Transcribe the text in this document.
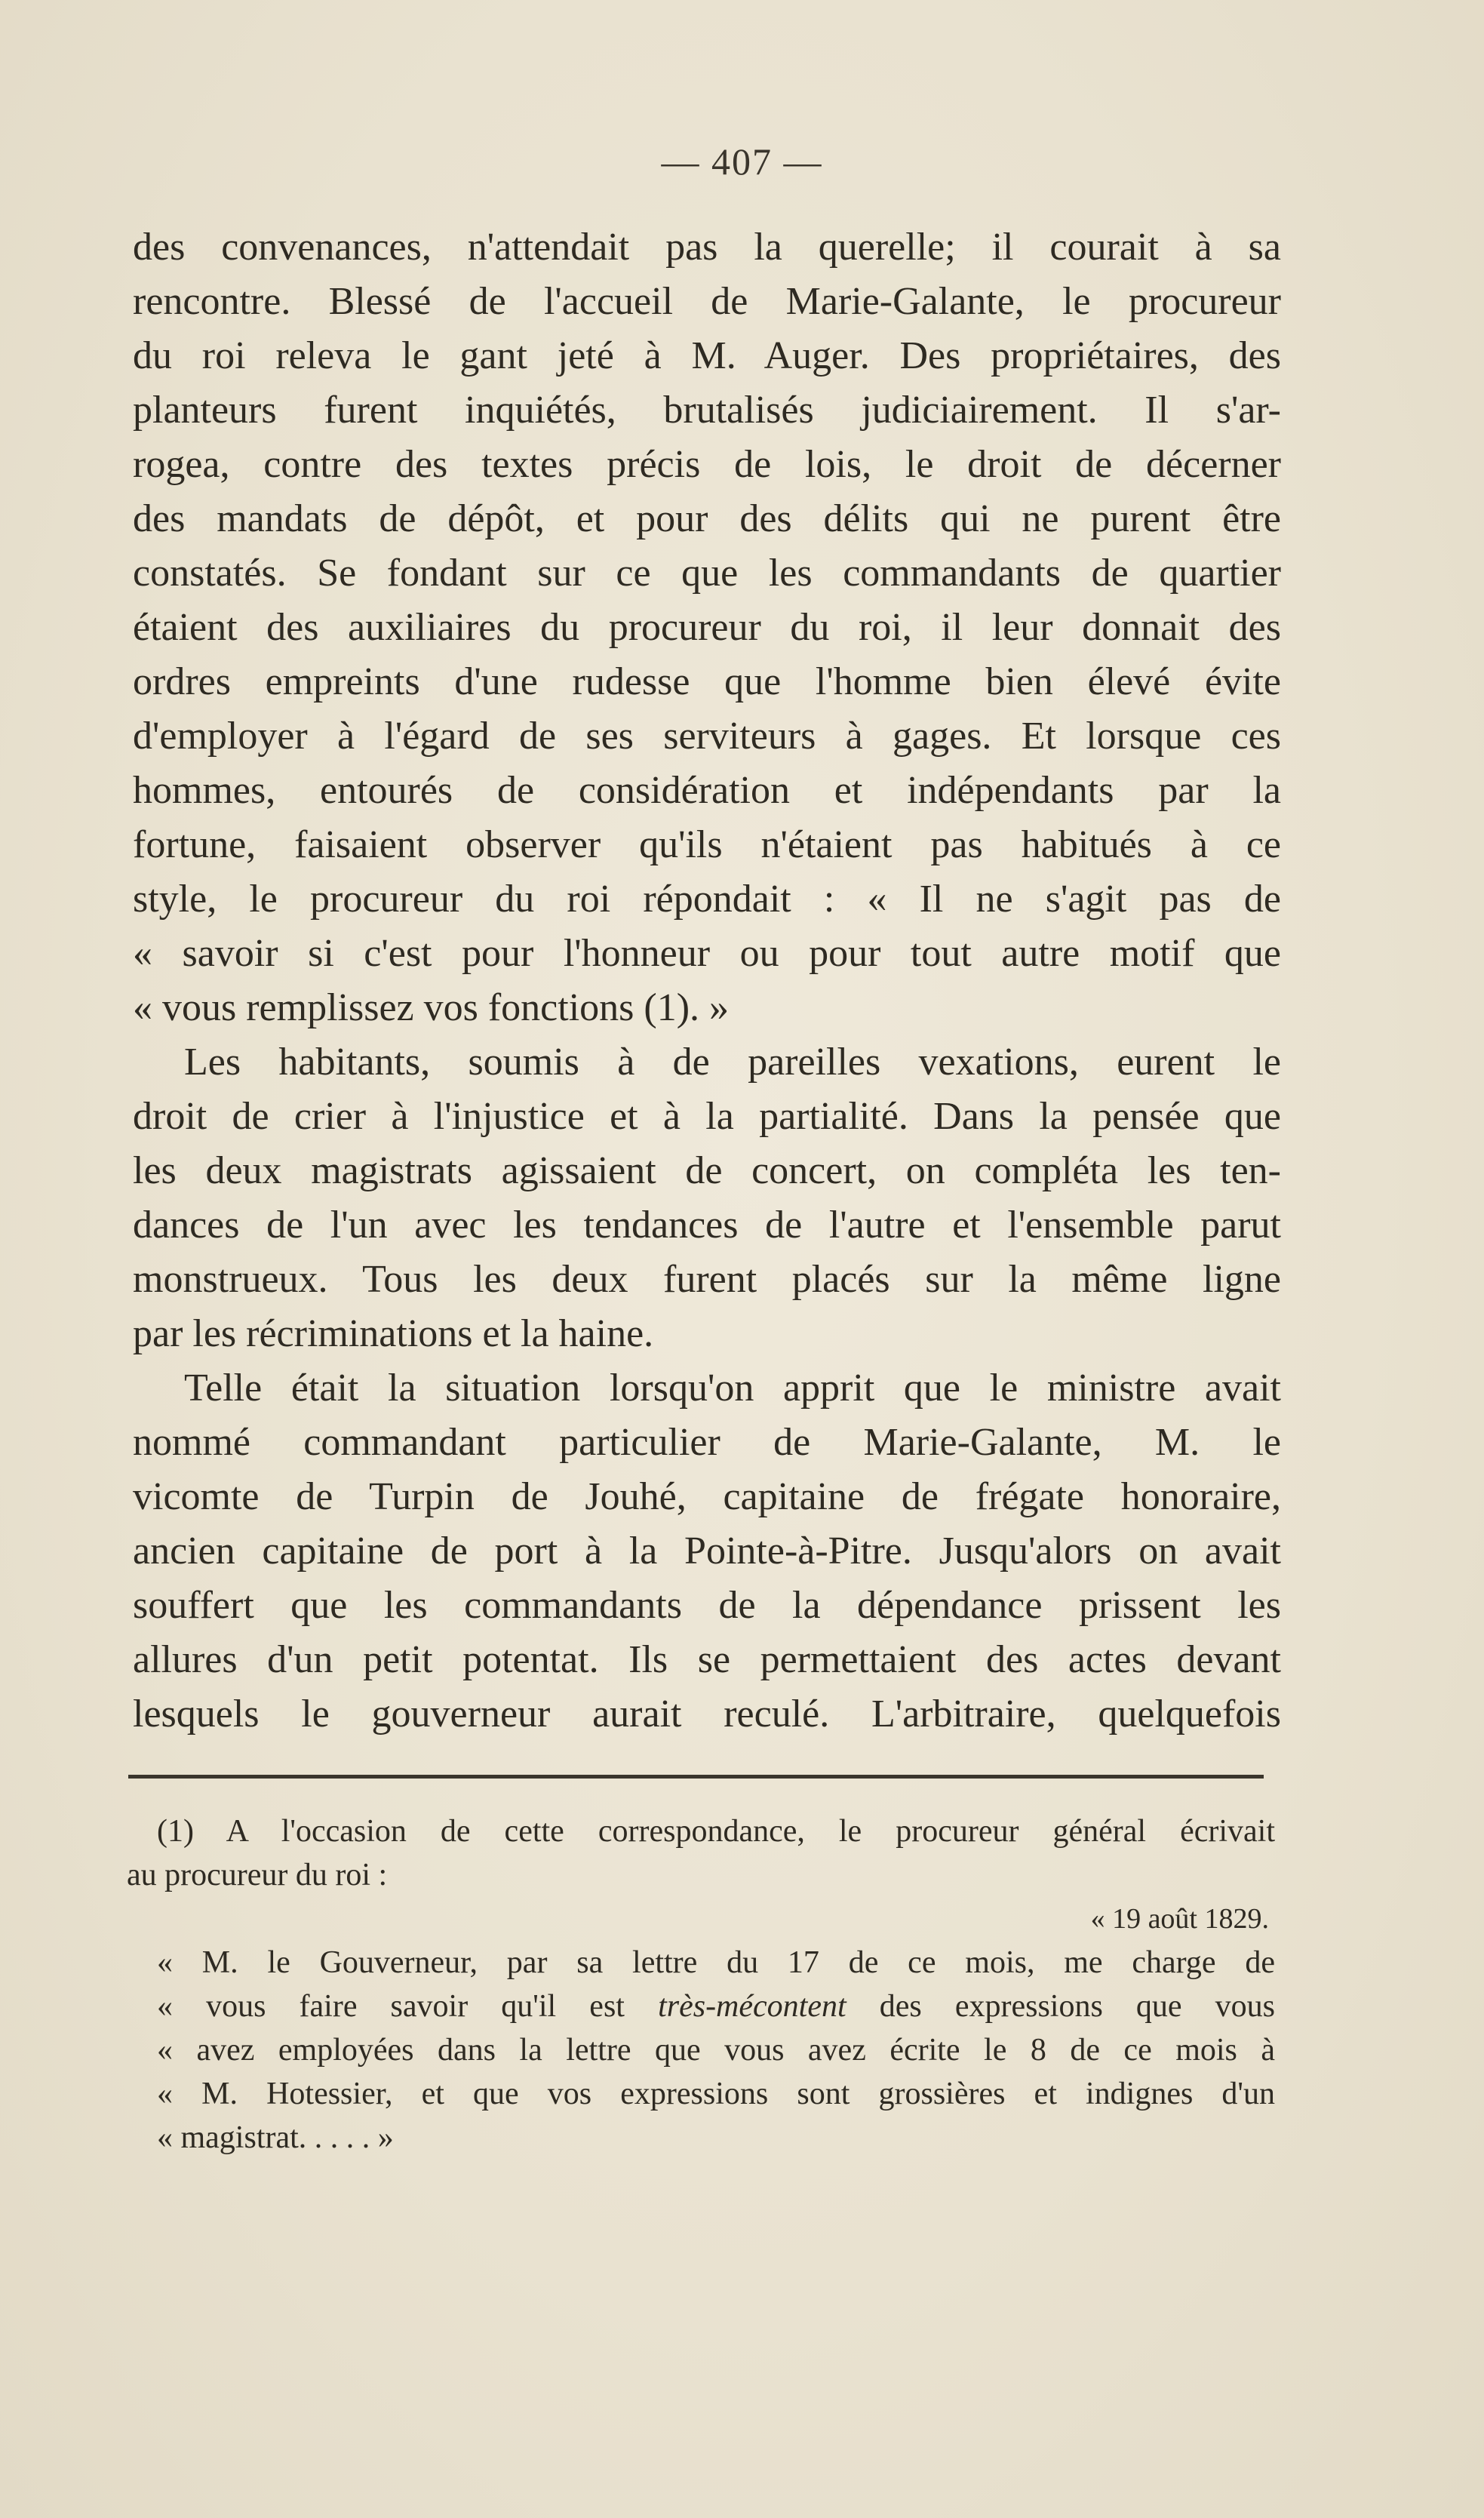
— 407 —
des convenances, n'attendait pas la querelle; il courait à sa
rencontre. Blessé de l'accueil de Marie-Galante, le procureur
du roi releva le gant jeté à M. Auger. Des propriétaires, des
planteurs furent inquiétés, brutalisés judiciairement. Il s'ar-
rogea, contre des textes précis de lois, le droit de décerner
des mandats de dépôt, et pour des délits qui ne purent être
constatés. Se fondant sur ce que les commandants de quartier
étaient des auxiliaires du procureur du roi, il leur donnait des
ordres empreints d'une rudesse que l'homme bien élevé évite
d'employer à l'égard de ses serviteurs à gages. Et lorsque ces
hommes, entourés de considération et indépendants par la
fortune, faisaient observer qu'ils n'étaient pas habitués à ce
style, le procureur du roi répondait : « Il ne s'agit pas de
« savoir si c'est pour l'honneur ou pour tout autre motif que
« vous remplissez vos fonctions (1). »
Les habitants, soumis à de pareilles vexations, eurent le
droit de crier à l'injustice et à la partialité. Dans la pensée que
les deux magistrats agissaient de concert, on compléta les ten-
dances de l'un avec les tendances de l'autre et l'ensemble parut
monstrueux. Tous les deux furent placés sur la même ligne
par les récriminations et la haine.
Telle était la situation lorsqu'on apprit que le ministre avait
nommé commandant particulier de Marie-Galante, M. le
vicomte de Turpin de Jouhé, capitaine de frégate honoraire,
ancien capitaine de port à la Pointe-à-Pitre. Jusqu'alors on avait
souffert que les commandants de la dépendance prissent les
allures d'un petit potentat. Ils se permettaient des actes devant
lesquels le gouverneur aurait reculé. L'arbitraire, quelquefois
(1) A l'occasion de cette correspondance, le procureur général écrivait
au procureur du roi :
« 19 août 1829.
« M. le Gouverneur, par sa lettre du 17 de ce mois, me charge de
« vous faire savoir qu'il est très-mécontent des expressions que vous
« avez employées dans la lettre que vous avez écrite le 8 de ce mois à
« M. Hotessier, et que vos expressions sont grossières et indignes d'un
« magistrat. . . . . »
